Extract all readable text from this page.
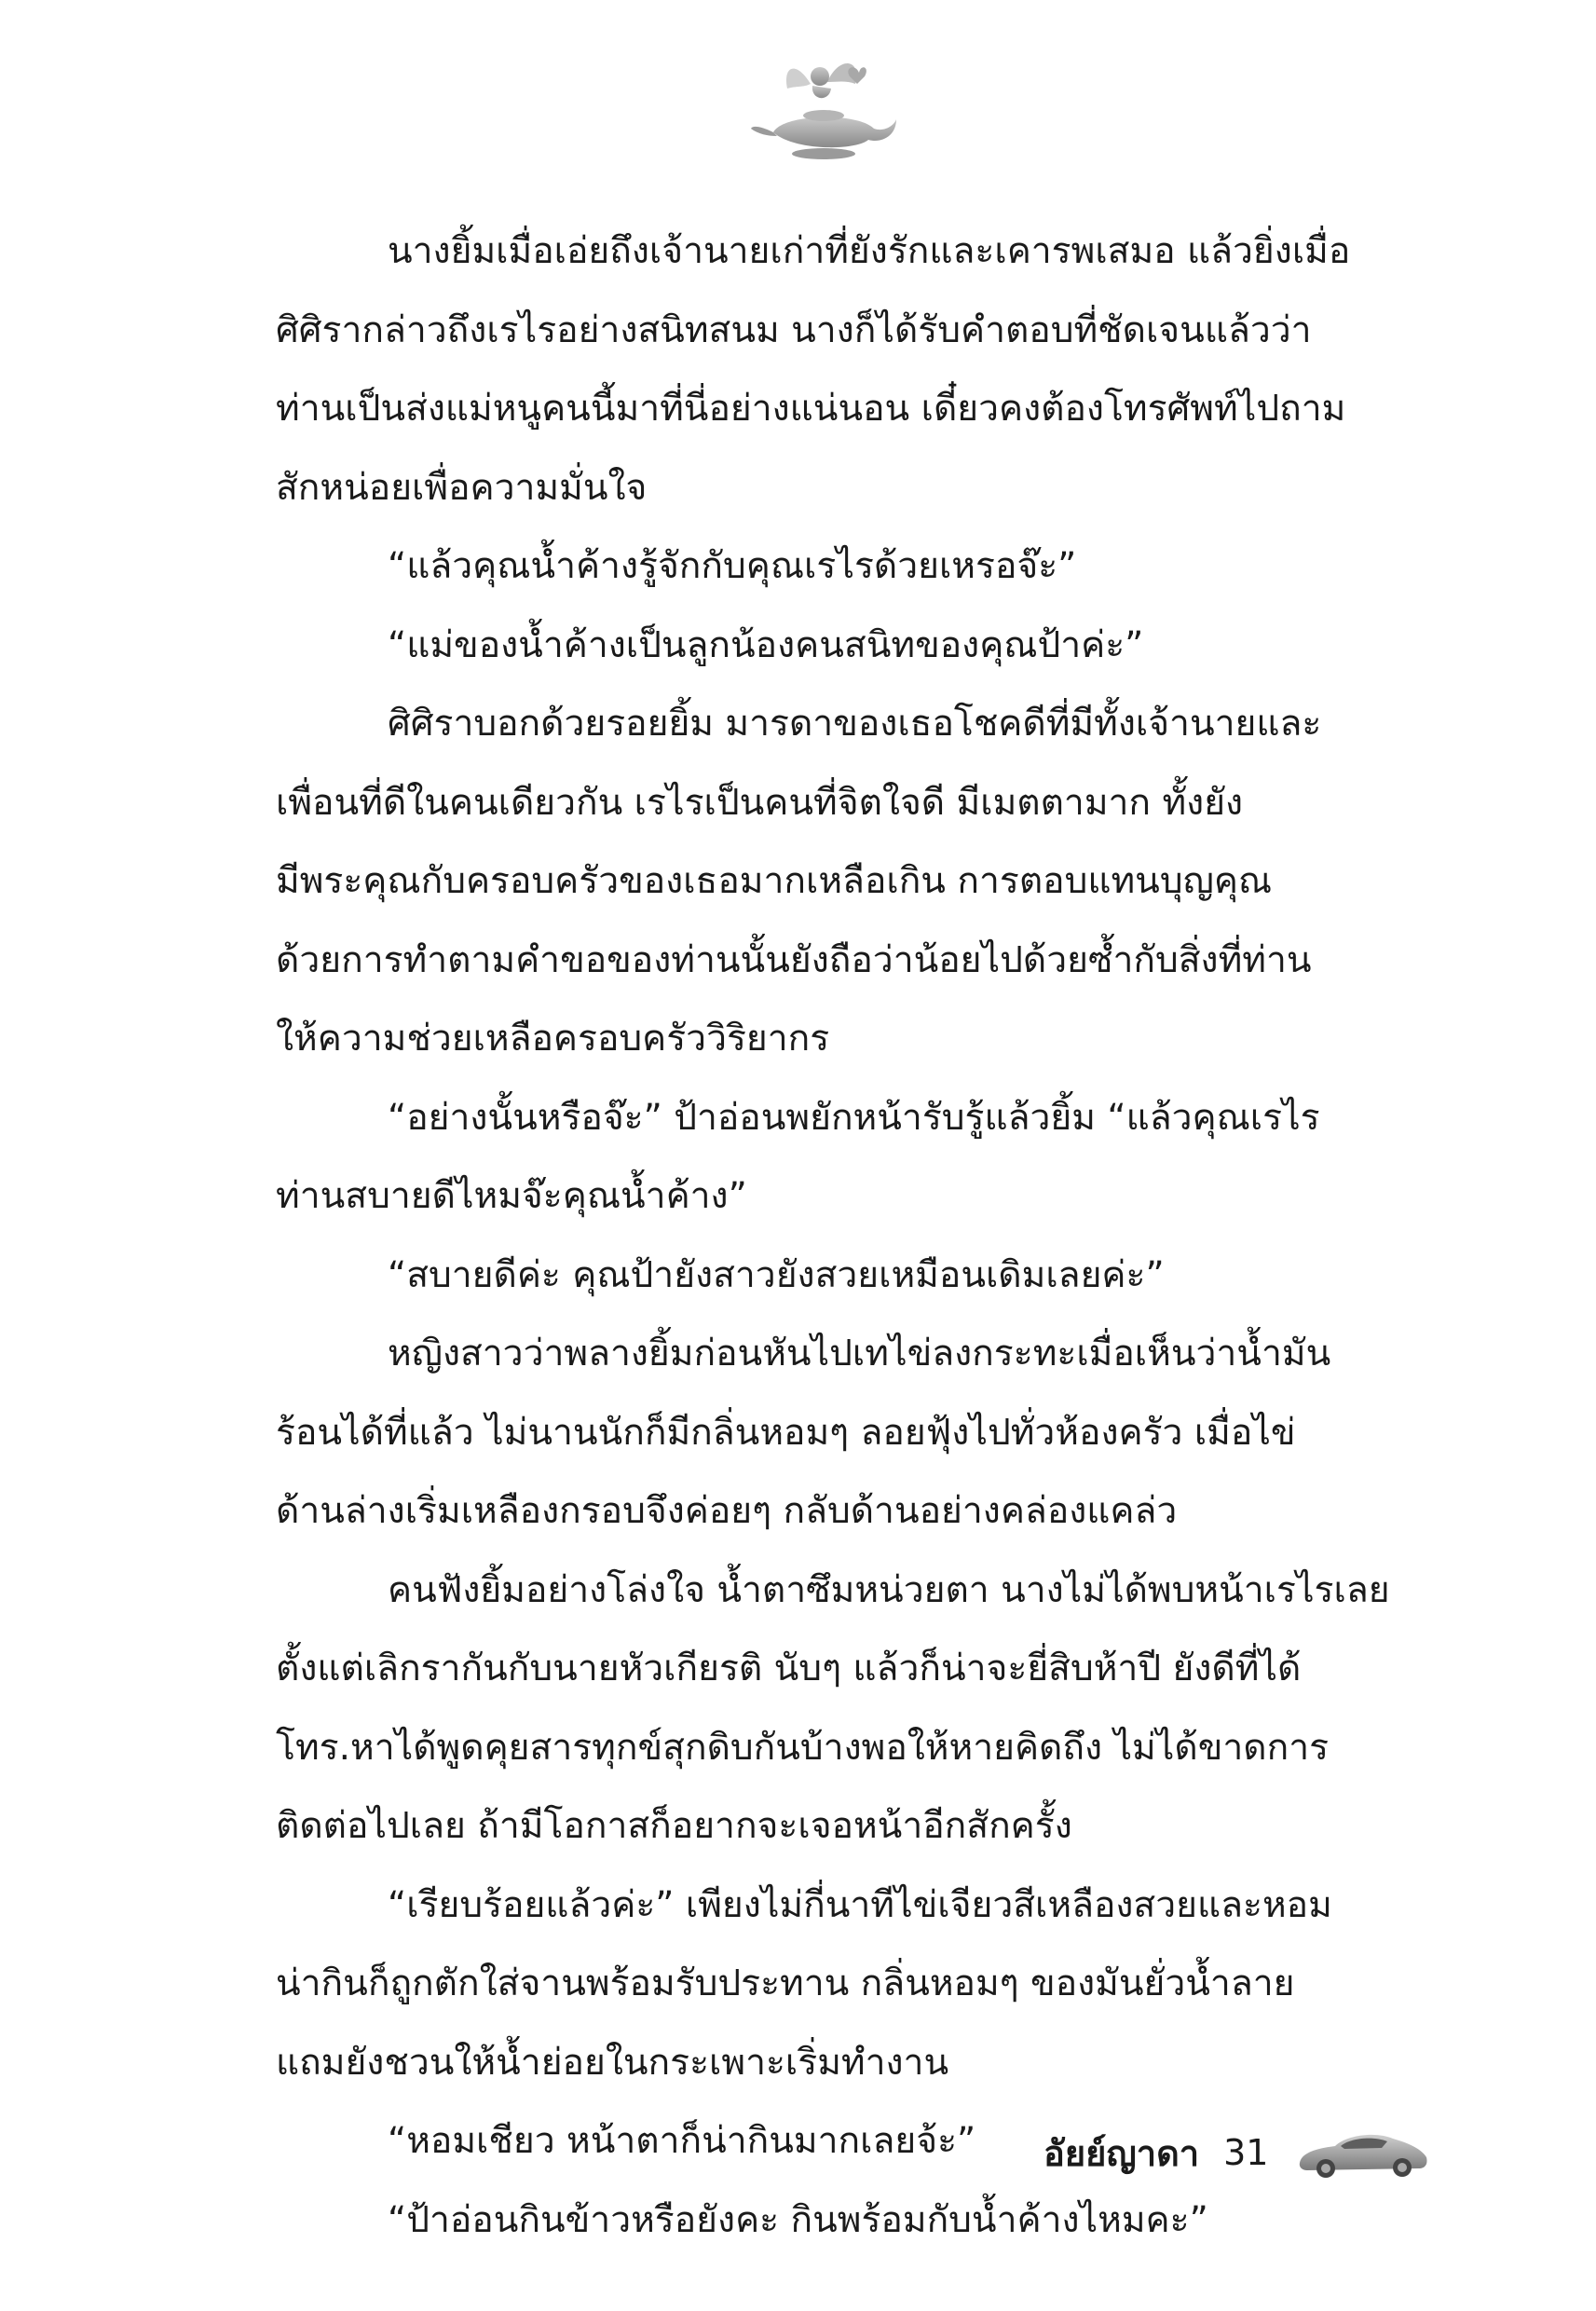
นางยิ้มเมื่อเอ่ยถึงเจ้านายเก่าที่ยังรักและเคารพเสมอ แล้วยิ่งเมื่อ
ศิศิรากล่าวถึงเรไรอย่างสนิทสนม นางก็ได้รับคำตอบที่ชัดเจนแล้วว่า
ท่านเป็นส่งแม่หนูคนนี้มาที่นี่อย่างแน่นอน เดี๋ยวคงต้องโทรศัพท์ไปถาม
สักหน่อยเพื่อความมั่นใจ

“แล้วคุณน้ำค้างรู้จักกับคุณเรไรด้วยเหรอจ๊ะ”

“แม่ของน้ำค้างเป็นลูกน้องคนสนิทของคุณป้าค่ะ”

ศิศิราบอกด้วยรอยยิ้ม มารดาของเธอโชคดีที่มีทั้งเจ้านายและ
เพื่อนที่ดีในคนเดียวกัน เรไรเป็นคนที่จิตใจดี มีเมตตามาก ทั้งยัง
มีพระคุณกับครอบครัวของเธอมากเหลือเกิน การตอบแทนบุญคุณ
ด้วยการทำตามคำขอของท่านนั้นยังถือว่าน้อยไปด้วยซ้ำกับสิ่งที่ท่าน
ให้ความช่วยเหลือครอบครัววิริยากร

“อย่างนั้นหรือจ๊ะ” ป้าอ่อนพยักหน้ารับรู้แล้วยิ้ม “แล้วคุณเรไร
ท่านสบายดีไหมจ๊ะคุณน้ำค้าง”

“สบายดีค่ะ คุณป้ายังสาวยังสวยเหมือนเดิมเลยค่ะ”

หญิงสาวว่าพลางยิ้มก่อนหันไปเทไข่ลงกระทะเมื่อเห็นว่าน้ำมัน
ร้อนได้ที่แล้ว ไม่นานนักก็มีกลิ่นหอมๆ ลอยฟุ้งไปทั่วห้องครัว เมื่อไข่
ด้านล่างเริ่มเหลืองกรอบจึงค่อยๆ กลับด้านอย่างคล่องแคล่ว

คนฟังยิ้มอย่างโล่งใจ น้ำตาซึมหน่วยตา นางไม่ได้พบหน้าเรไรเลย
ตั้งแต่เลิกรากันกับนายหัวเกียรติ นับๆ แล้วก็น่าจะยี่สิบห้าปี ยังดีที่ได้
โทร.หาได้พูดคุยสารทุกข์สุกดิบกันบ้างพอให้หายคิดถึง ไม่ได้ขาดการ
ติดต่อไปเลย ถ้ามีโอกาสก็อยากจะเจอหน้าอีกสักครั้ง

“เรียบร้อยแล้วค่ะ” เพียงไม่กี่นาทีไข่เจียวสีเหลืองสวยและหอม
น่ากินก็ถูกตักใส่จานพร้อมรับประทาน กลิ่นหอมๆ ของมันยั่วน้ำลาย
แถมยังชวนให้น้ำย่อยในกระเพาะเริ่มทำงาน

“หอมเชียว หน้าตาก็น่ากินมากเลยจ้ะ”

“ป้าอ่อนกินข้าวหรือยังคะ กินพร้อมกับน้ำค้างไหมคะ”

อัยย์ญาดา 31
